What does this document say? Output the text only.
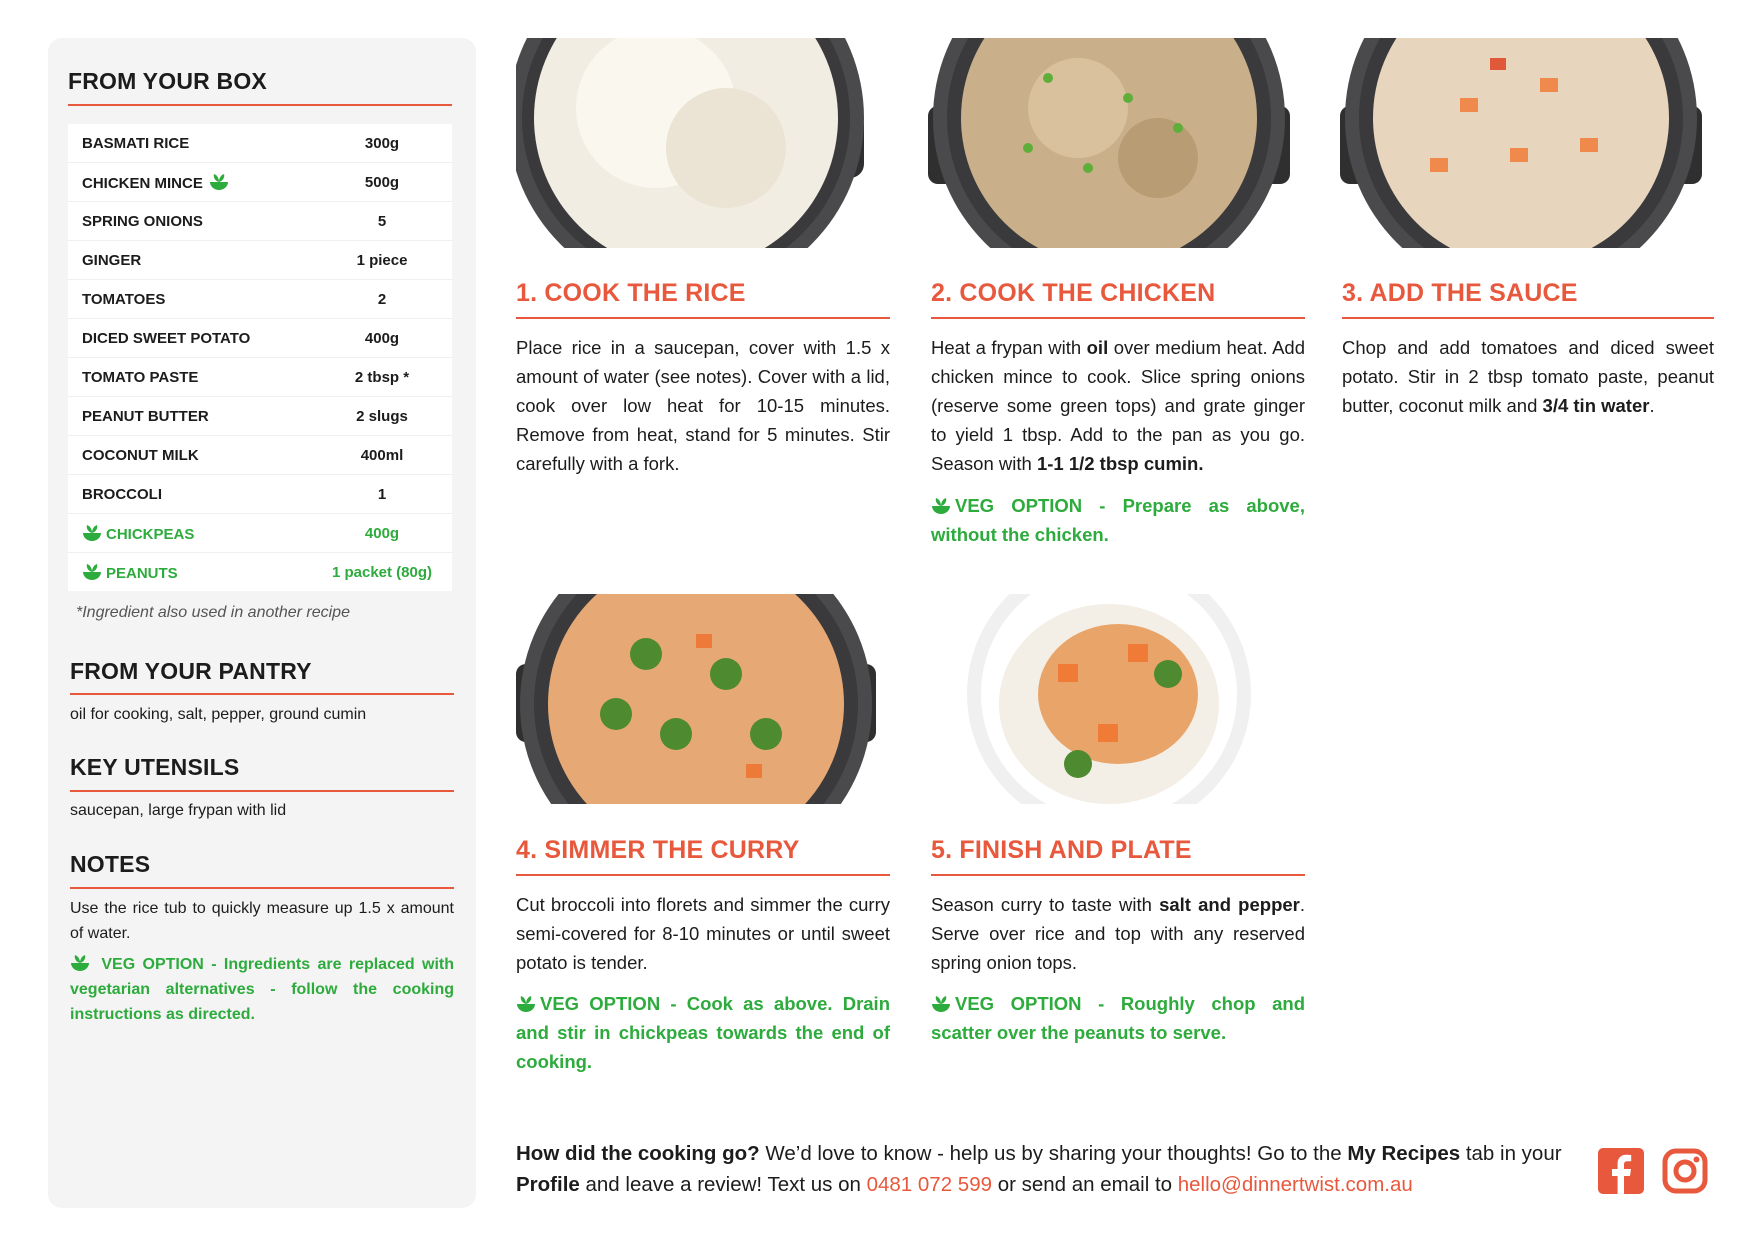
FROM YOUR BOX
BASMATI RICE	300g
CHICKEN MINCE	500g
SPRING ONIONS	5
GINGER	1 piece
TOMATOES	2
DICED SWEET POTATO	400g
TOMATO PASTE	2 tbsp *
PEANUT BUTTER	2 slugs
COCONUT MILK	400ml
BROCCOLI	1
CHICKPEAS	400g
PEANUTS	1 packet (80g)
*Ingredient also used in another recipe
FROM YOUR PANTRY
oil for cooking, salt, pepper, ground cumin
KEY UTENSILS
saucepan, large frypan with lid
NOTES
Use the rice tub to quickly measure up 1.5 x amount of water.
VEG OPTION - Ingredients are replaced with vegetarian alternatives - follow the cooking instructions as directed.
1. COOK THE RICE
Place rice in a saucepan, cover with 1.5 x amount of water (see notes). Cover with a lid, cook over low heat for 10-15 minutes. Remove from heat, stand for 5 minutes. Stir carefully with a fork.
2. COOK THE CHICKEN
Heat a frypan with oil over medium heat. Add chicken mince to cook. Slice spring onions (reserve some green tops) and grate ginger to yield 1 tbsp. Add to the pan as you go. Season with 1-1 1/2 tbsp cumin.
VEG OPTION - Prepare as above, without the chicken.
3. ADD THE SAUCE
Chop and add tomatoes and diced sweet potato. Stir in 2 tbsp tomato paste, peanut butter, coconut milk and 3/4 tin water.
4. SIMMER THE CURRY
Cut broccoli into florets and simmer the curry semi-covered for 8-10 minutes or until sweet potato is tender.
VEG OPTION - Cook as above. Drain and stir in chickpeas towards the end of cooking.
5. FINISH AND PLATE
Season curry to taste with salt and pepper. Serve over rice and top with any reserved spring onion tops.
VEG OPTION - Roughly chop and scatter over the peanuts to serve.
How did the cooking go? We’d love to know - help us by sharing your thoughts! Go to the My Recipes tab in your Profile and leave a review! Text us on 0481 072 599 or send an email to hello@dinnertwist.com.au
